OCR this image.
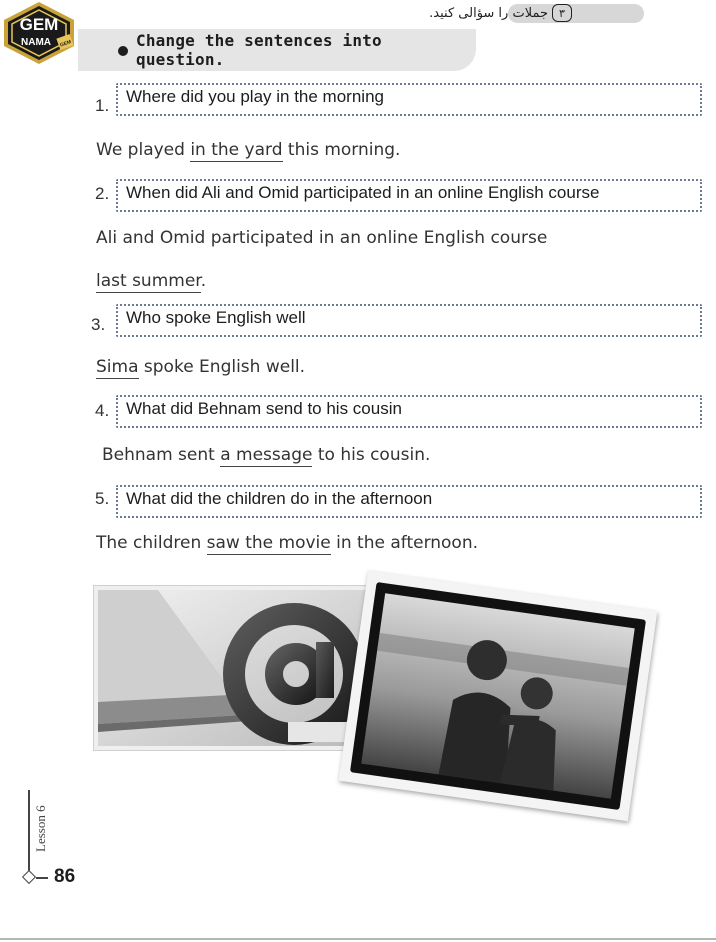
GEM
NAMA GEM
۳
جملات را سؤالی کنید.
Change the sentences into question.
1. Where did you play in the morning
We played in the yard this morning.
2. When did Ali and Omid participated in an online English course
Ali and Omid participated in an online English course
last summer.
3.	Who spoke English well
Sima spoke English well.
4. What did Behnam send to his cousin
Behnam sent a message to his cousin.
5. What did the children do in the afternoon
The children saw the movie in the afternoon.
Lesson 6
86
